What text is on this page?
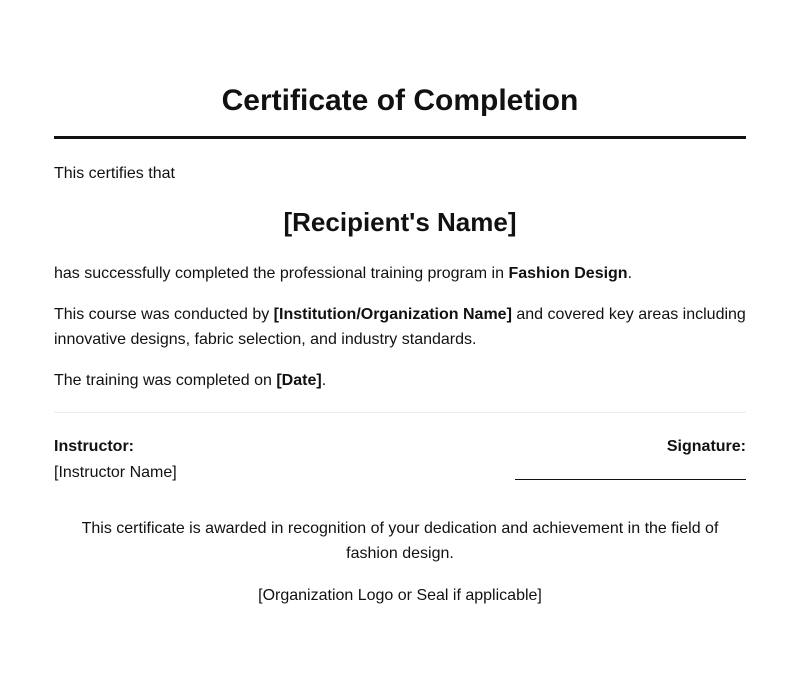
Certificate of Completion

This certifies that

[Recipient's Name]

has successfully completed the professional training program in Fashion Design.

This course was conducted by [Institution/Organization Name] and covered key areas including innovative designs, fabric selection, and industry standards.

The training was completed on [Date].

Instructor:
[Instructor Name]
Signature:

This certificate is awarded in recognition of your dedication and achievement in the field of fashion design.

[Organization Logo or Seal if applicable]
